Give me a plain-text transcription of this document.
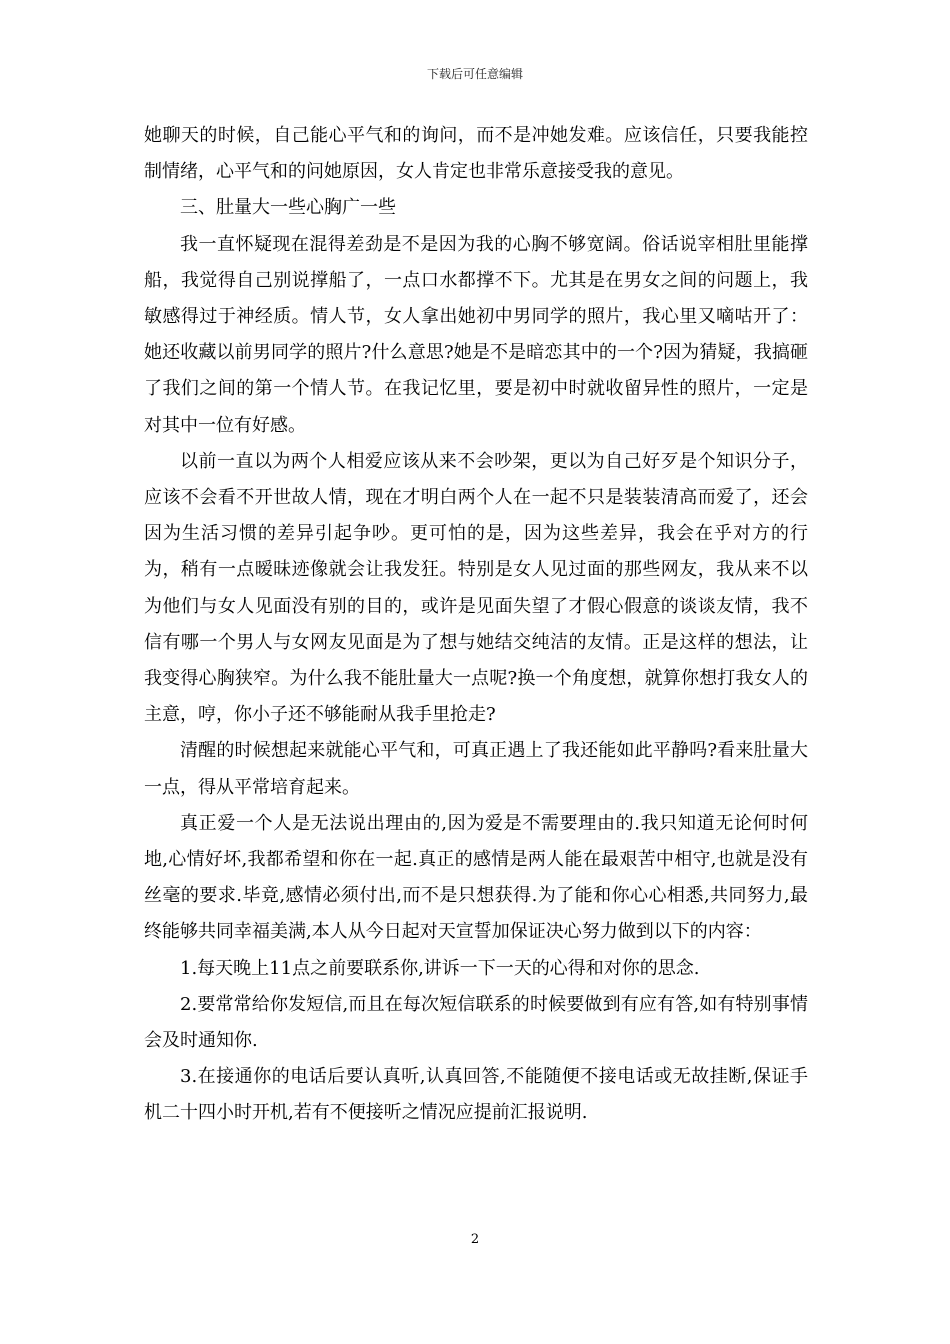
下载后可任意编辑

她聊天的时候，自己能心平气和的询问，而不是冲她发难。应该信任，只要我能控制情绪，心平气和的问她原因，女人肯定也非常乐意接受我的意见。

三、肚量大一些心胸广一些

我一直怀疑现在混得差劲是不是因为我的心胸不够宽阔。俗话说宰相肚里能撑船，我觉得自己别说撑船了，一点口水都撑不下。尤其是在男女之间的问题上，我敏感得过于神经质。情人节，女人拿出她初中男同学的照片，我心里又嘀咕开了：她还收藏以前男同学的照片?什么意思?她是不是暗恋其中的一个?因为猜疑，我搞砸了我们之间的第一个情人节。在我记忆里，要是初中时就收留异性的照片，一定是对其中一位有好感。

以前一直以为两个人相爱应该从来不会吵架，更以为自己好歹是个知识分子，应该不会看不开世故人情，现在才明白两个人在一起不只是装装清高而爱了，还会因为生活习惯的差异引起争吵。更可怕的是，因为这些差异，我会在乎对方的行为，稍有一点暧昧迹像就会让我发狂。特别是女人见过面的那些网友，我从来不以为他们与女人见面没有别的目的，或许是见面失望了才假心假意的谈谈友情，我不信有哪一个男人与女网友见面是为了想与她结交纯洁的友情。正是这样的想法，让我变得心胸狭窄。为什么我不能肚量大一点呢?换一个角度想，就算你想打我女人的主意，哼，你小子还不够能耐从我手里抢走?

清醒的时候想起来就能心平气和，可真正遇上了我还能如此平静吗?看来肚量大一点，得从平常培育起来。

真正爱一个人是无法说出理由的,因为爱是不需要理由的.我只知道无论何时何地,心情好坏,我都希望和你在一起.真正的感情是两人能在最艰苦中相守,也就是没有丝毫的要求.毕竟,感情必须付出,而不是只想获得.为了能和你心心相悉,共同努力,最终能够共同幸福美满,本人从今日起对天宣誓加保证决心努力做到以下的内容：

1.每天晚上11点之前要联系你,讲诉一下一天的心得和对你的思念.

2.要常常给你发短信,而且在每次短信联系的时候要做到有应有答,如有特别事情会及时通知你.

3.在接通你的电话后要认真听,认真回答,不能随便不接电话或无故挂断,保证手机二十四小时开机,若有不便接听之情况应提前汇报说明.

2
